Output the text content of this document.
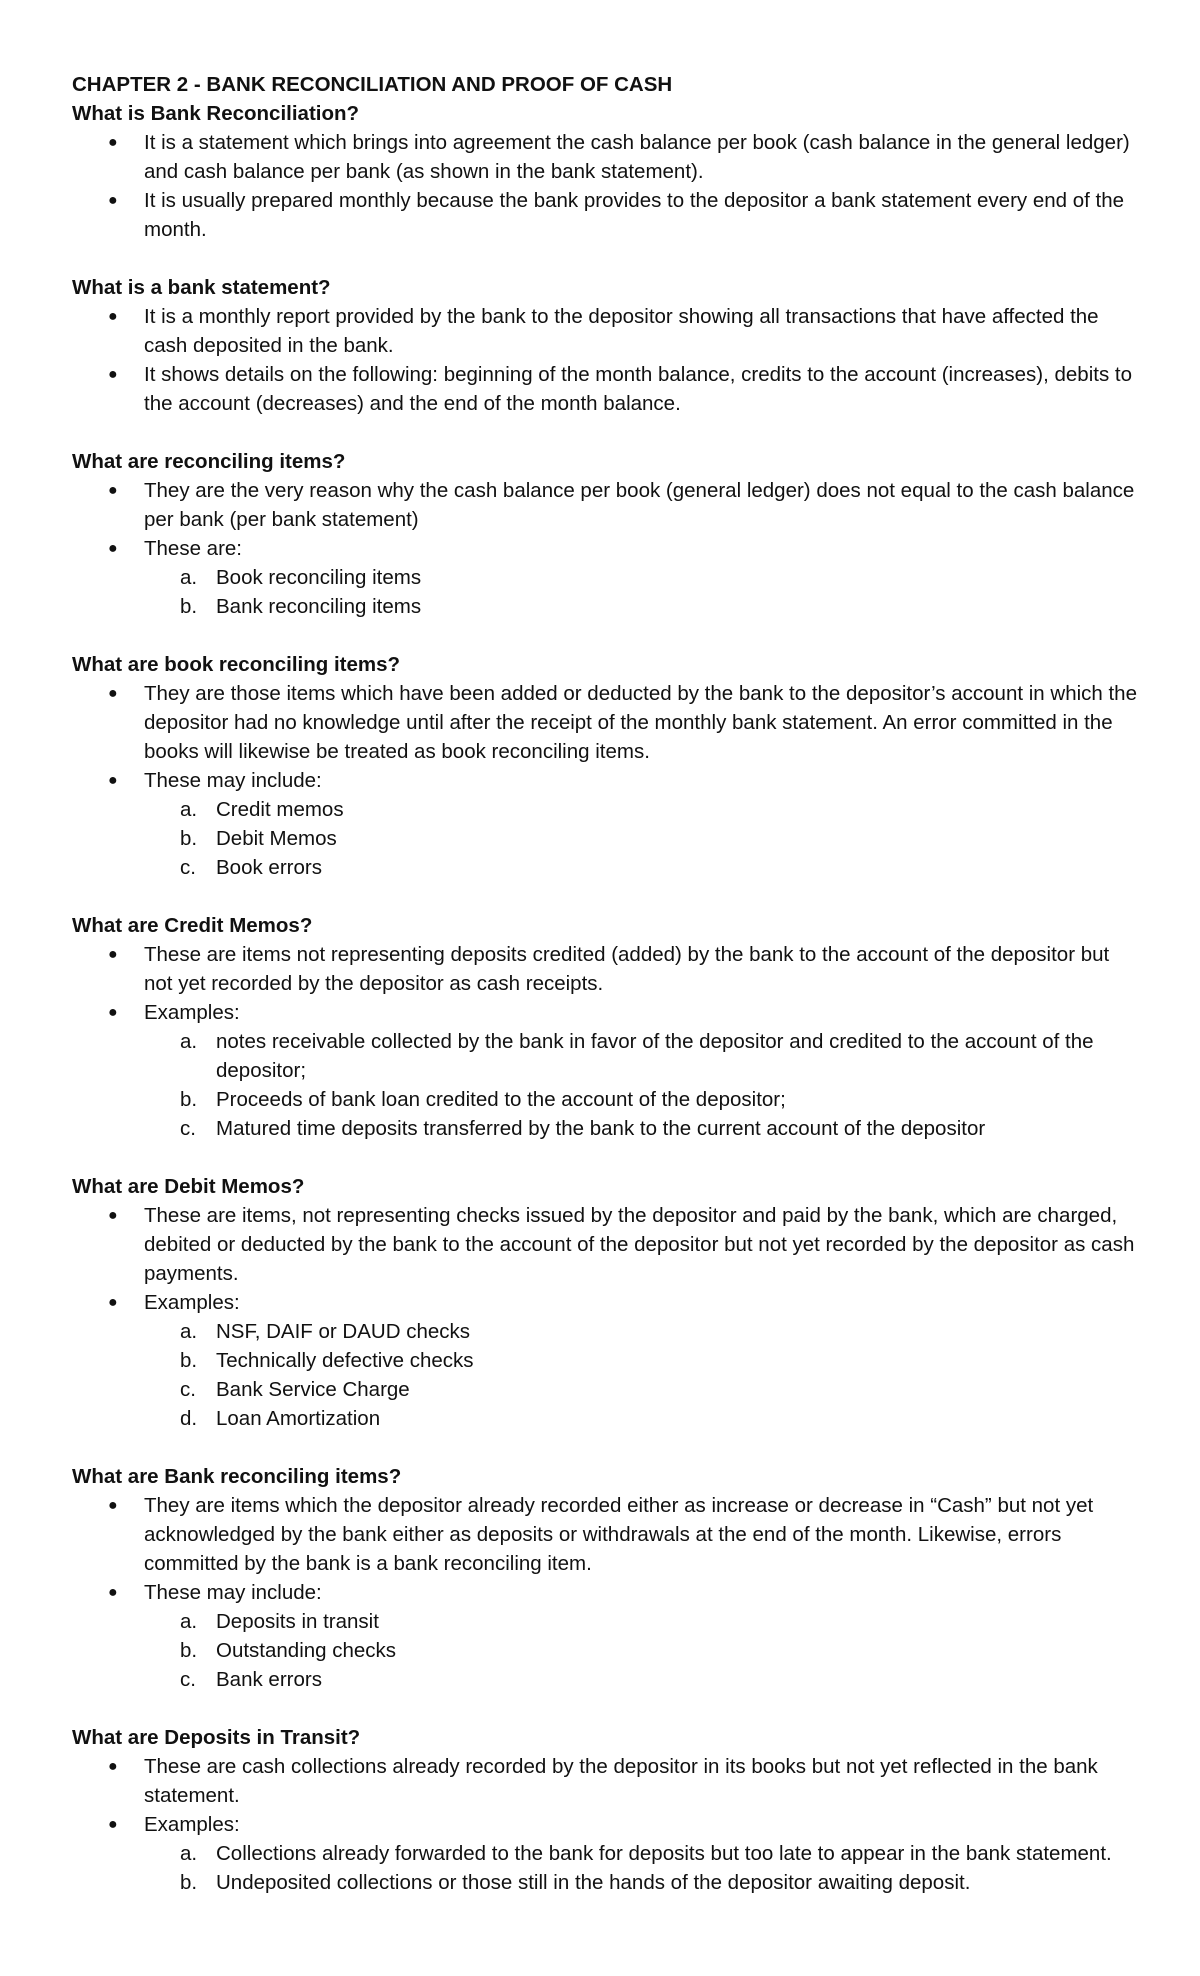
CHAPTER 2 - BANK RECONCILIATION AND PROOF OF CASH
What is Bank Reconciliation?
● It is a statement which brings into agreement the cash balance per book (cash balance in the general ledger) and cash balance per bank (as shown in the bank statement).
● It is usually prepared monthly because the bank provides to the depositor a bank statement every end of the month.
What is a bank statement?
● It is a monthly report provided by the bank to the depositor showing all transactions that have affected the cash deposited in the bank.
● It shows details on the following: beginning of the month balance, credits to the account (increases), debits to the account (decreases) and the end of the month balance.
What are reconciling items?
● They are the very reason why the cash balance per book (general ledger) does not equal to the cash balance per bank (per bank statement)
● These are:
a. Book reconciling items
b. Bank reconciling items
What are book reconciling items?
● They are those items which have been added or deducted by the bank to the depositor’s account in which the depositor had no knowledge until after the receipt of the monthly bank statement. An error committed in the books will likewise be treated as book reconciling items.
● These may include:
a. Credit memos
b. Debit Memos
c. Book errors
What are Credit Memos?
● These are items not representing deposits credited (added) by the bank to the account of the depositor but not yet recorded by the depositor as cash receipts.
● Examples:
a. notes receivable collected by the bank in favor of the depositor and credited to the account of the depositor;
b. Proceeds of bank loan credited to the account of the depositor;
c. Matured time deposits transferred by the bank to the current account of the depositor
What are Debit Memos?
● These are items, not representing checks issued by the depositor and paid by the bank, which are charged, debited or deducted by the bank to the account of the depositor but not yet recorded by the depositor as cash payments.
● Examples:
a. NSF, DAIF or DAUD checks
b. Technically defective checks
c. Bank Service Charge
d. Loan Amortization
What are Bank reconciling items?
● They are items which the depositor already recorded either as increase or decrease in “Cash” but not yet acknowledged by the bank either as deposits or withdrawals at the end of the month. Likewise, errors committed by the bank is a bank reconciling item.
● These may include:
a. Deposits in transit
b. Outstanding checks
c. Bank errors
What are Deposits in Transit?
● These are cash collections already recorded by the depositor in its books but not yet reflected in the bank statement.
● Examples:
a. Collections already forwarded to the bank for deposits but too late to appear in the bank statement.
b. Undeposited collections or those still in the hands of the depositor awaiting deposit.
